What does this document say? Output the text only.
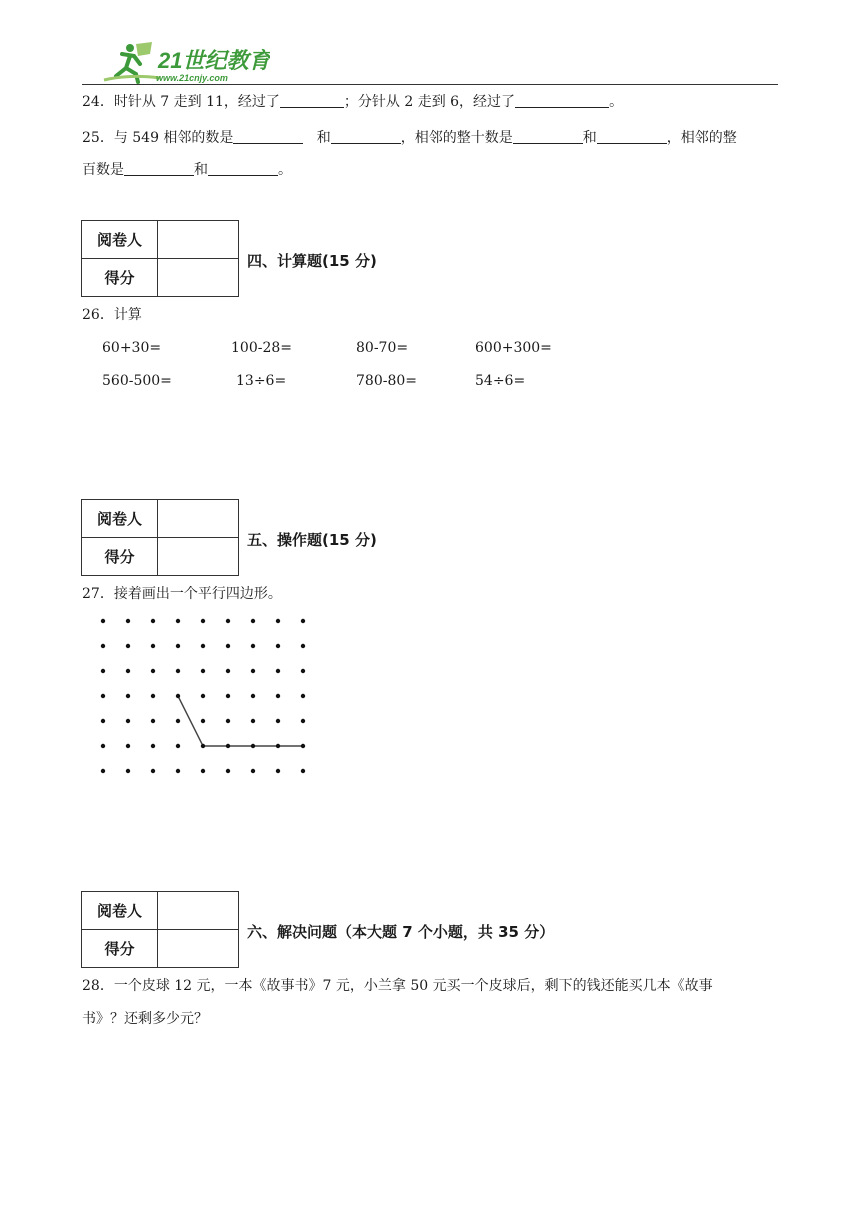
21世纪教育
www.21cnjy.com
24．时针从 7 走到 11，经过了	；分针从 2 走到 6，经过了	。
25．与 549 相邻的数是	和	，相邻的整十数是	和	，相邻的整
百数是	和	。
阅卷人	
得分	
四、计算题(15 分)
26．计算
60+30=	100-28=	80-70=	600+300=
560-500=	13÷6=	780-80=	54÷6=
阅卷人	
得分	
五、操作题(15 分)
27．接着画出一个平行四边形。
阅卷人	
得分	
六、解决问题（本大题 7 个小题，共 35 分）
28．一个皮球 12 元，一本《故事书》7 元，小兰拿 50 元买一个皮球后，剩下的钱还能买几本《故事
书》？还剩多少元？
